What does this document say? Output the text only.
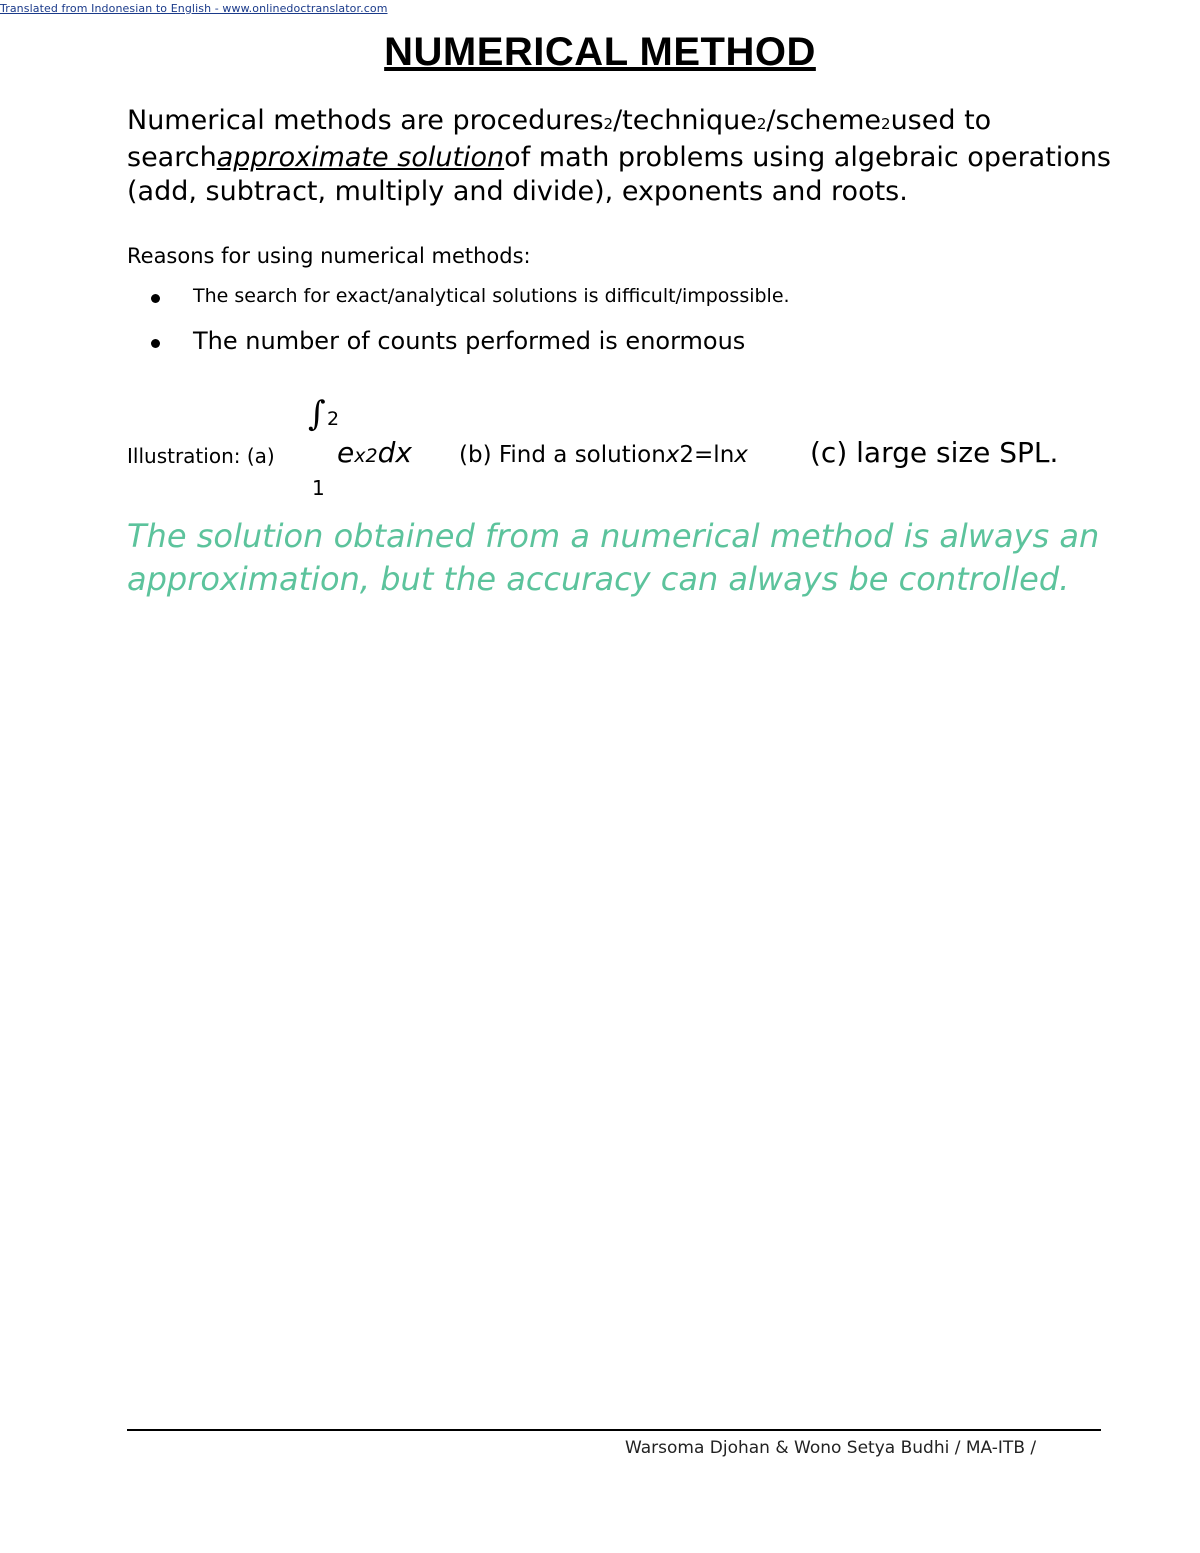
Translated from Indonesian to English - www.onlinedoctranslator.com
NUMERICAL METHOD
Numerical methods are procedures2/technique2/scheme2used to searchapproximate solutionof math problems using algebraic operations (add, subtract, multiply and divide), exponents and roots.
Reasons for using numerical methods:
The search for exact/analytical solutions is difficult/impossible.
The number of counts performed is enormous
Illustration: (a)
∫ 2
1
ex2dx (b) Find a solutionx2=lnx (c) large size SPL.
The solution obtained from a numerical method is always an approximation, but the accuracy can always be controlled.
Warsoma Djohan & Wono Setya Budhi / MA-ITB /
